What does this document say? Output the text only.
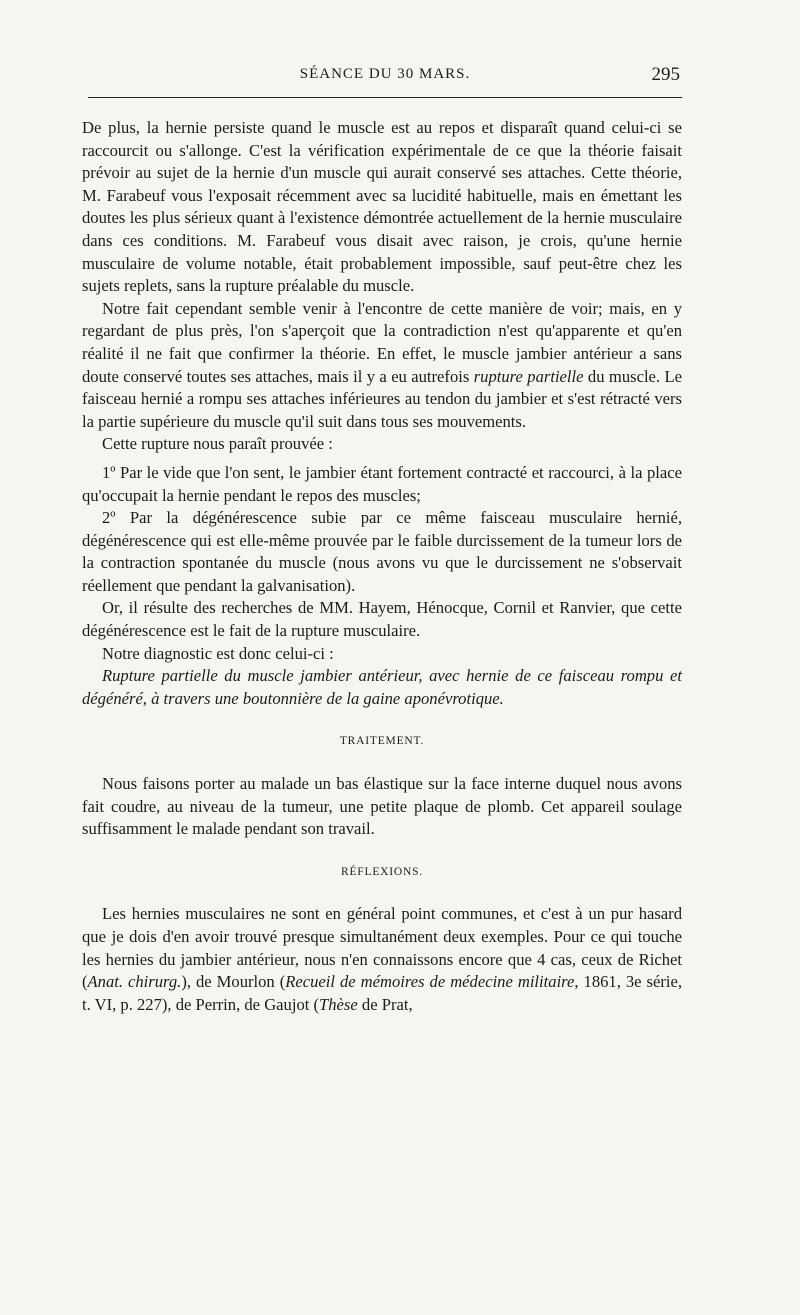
SÉANCE DU 30 MARS.	295

De plus, la hernie persiste quand le muscle est au repos et disparaît quand celui-ci se raccourcit ou s'allonge. C'est la vérification expérimentale de ce que la théorie faisait prévoir au sujet de la hernie d'un muscle qui aurait conservé ses attaches. Cette théorie, M. Farabeuf vous l'exposait récemment avec sa lucidité habituelle, mais en émettant les doutes les plus sérieux quant à l'existence démontrée actuellement de la hernie musculaire dans ces conditions. M. Farabeuf vous disait avec raison, je crois, qu'une hernie musculaire de volume notable, était probablement impossible, sauf peut-être chez les sujets replets, sans la rupture préalable du muscle.

Notre fait cependant semble venir à l'encontre de cette manière de voir; mais, en y regardant de plus près, l'on s'aperçoit que la contradiction n'est qu'apparente et qu'en réalité il ne fait que confirmer la théorie. En effet, le muscle jambier antérieur a sans doute conservé toutes ses attaches, mais il y a eu autrefois rupture partielle du muscle. Le faisceau hernié a rompu ses attaches inférieures au tendon du jambier et s'est rétracté vers la partie supérieure du muscle qu'il suit dans tous ses mouvements.

Cette rupture nous paraît prouvée :

1º Par le vide que l'on sent, le jambier étant fortement contracté et raccourci, à la place qu'occupait la hernie pendant le repos des muscles;

2º Par la dégénérescence subie par ce même faisceau musculaire hernié, dégénérescence qui est elle-même prouvée par le faible durcissement de la tumeur lors de la contraction spontanée du muscle (nous avons vu que le durcissement ne s'observait réellement que pendant la galvanisation).

Or, il résulte des recherches de MM. Hayem, Hénocque, Cornil et Ranvier, que cette dégénérescence est le fait de la rupture musculaire.

Notre diagnostic est donc celui-ci :

Rupture partielle du muscle jambier antérieur, avec hernie de ce faisceau rompu et dégénéré, à travers une boutonnière de la gaine aponévrotique.

TRAITEMENT.

Nous faisons porter au malade un bas élastique sur la face interne duquel nous avons fait coudre, au niveau de la tumeur, une petite plaque de plomb. Cet appareil soulage suffisamment le malade pendant son travail.

RÉFLEXIONS.

Les hernies musculaires ne sont en général point communes, et c'est à un pur hasard que je dois d'en avoir trouvé presque simultanément deux exemples. Pour ce qui touche les hernies du jambier antérieur, nous n'en connaissons encore que 4 cas, ceux de Richet (Anat. chirurg.), de Mourlon (Recueil de mémoires de médecine militaire, 1861, 3e série, t. VI, p. 227), de Perrin, de Gaujot (Thèse de Prat,
